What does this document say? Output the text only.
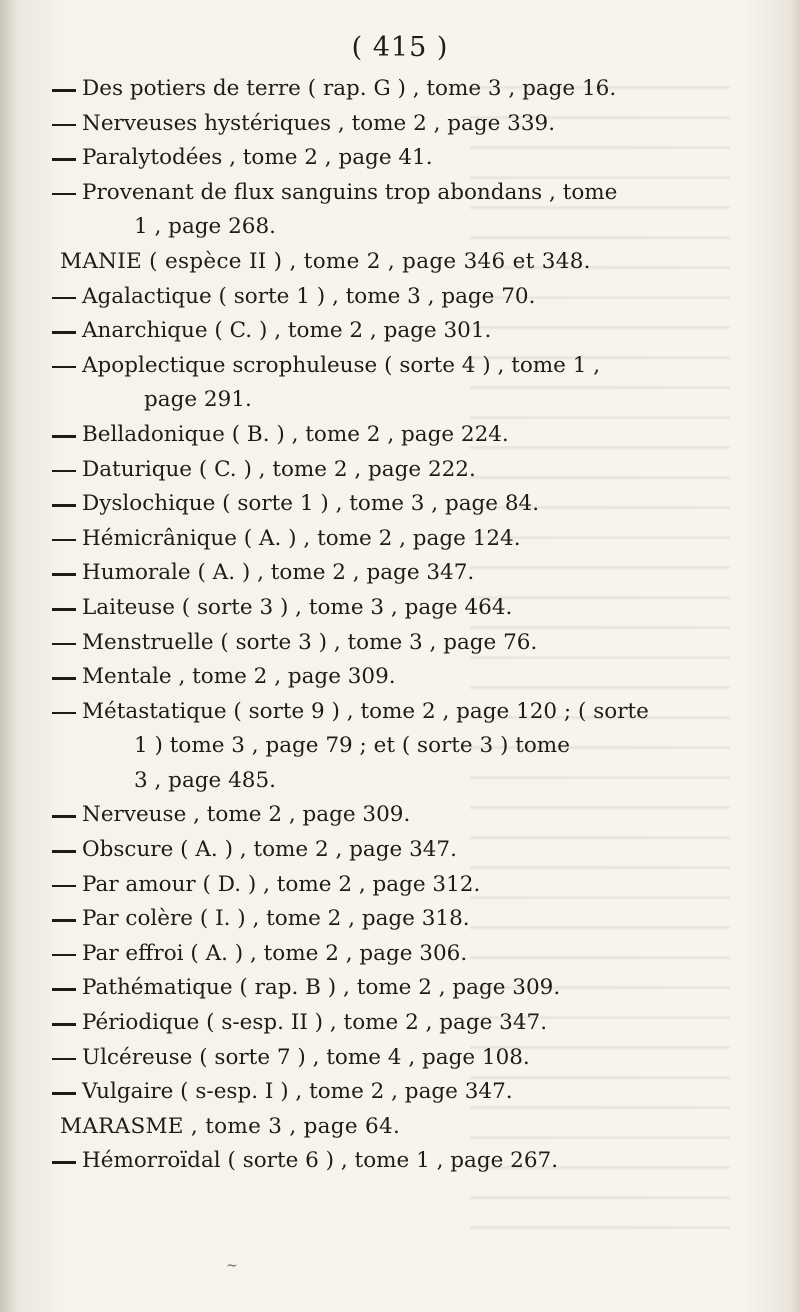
( 415 )
Des potiers de terre ( rap. G ) , tome 3 , page 16.
Nerveuses hystériques , tome 2 , page 339.
Paralytodées , tome 2 , page 41.
Provenant de flux sanguins trop abondans , tome
1 , page 268.
MANIE ( espèce II ) , tome 2 , page 346 et 348.
Agalactique ( sorte 1 ) , tome 3 , page 70.
Anarchique ( C. ) , tome 2 , page 301.
Apoplectique scrophuleuse ( sorte 4 ) , tome 1 ,
page 291.
Belladonique ( B. ) , tome 2 , page 224.
Daturique ( C. ) , tome 2 , page 222.
Dyslochique ( sorte 1 ) , tome 3 , page 84.
Hémicrânique ( A. ) , tome 2 , page 124.
Humorale ( A. ) , tome 2 , page 347.
Laiteuse ( sorte 3 ) , tome 3 , page 464.
Menstruelle ( sorte 3 ) , tome 3 , page 76.
Mentale , tome 2 , page 309.
Métastatique ( sorte 9 ) , tome 2 , page 120 ; ( sorte
1 ) tome 3 , page 79 ; et ( sorte 3 ) tome
3 , page 485.
Nerveuse , tome 2 , page 309.
Obscure ( A. ) , tome 2 , page 347.
Par amour ( D. ) , tome 2 , page 312.
Par colère ( I. ) , tome 2 , page 318.
Par effroi ( A. ) , tome 2 , page 306.
Pathématique ( rap. B ) , tome 2 , page 309.
Périodique ( s-esp. II ) , tome 2 , page 347.
Ulcéreuse ( sorte 7 ) , tome 4 , page 108.
Vulgaire ( s-esp. I ) , tome 2 , page 347.
MARASME , tome 3 , page 64.
Hémorroïdal ( sorte 6 ) , tome 1 , page 267.
~
